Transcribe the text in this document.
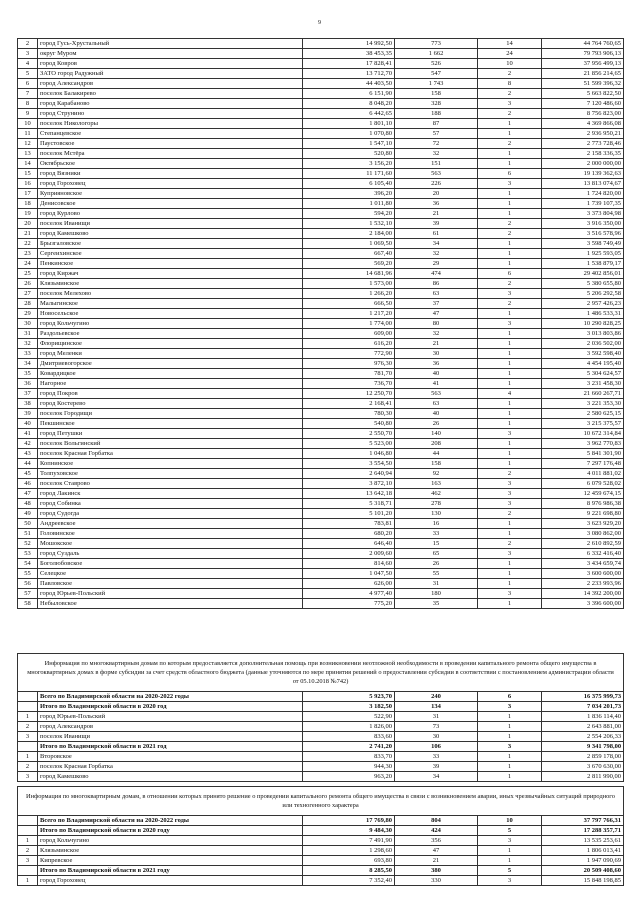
9
2	город Гусь-Хрустальный	14 992,50	773	14	44 764 760,65
3	округ Муром	38 453,35	1 662	24	79 793 906,13
4	город Ковров	17 828,41	526	10	37 956 499,13
5	ЗАТО город Радужный	13 712,70	547	2	21 856 214,65
6	город Александров	44 403,50	1 743	8	51 599 396,32
7	поселок Балакирево	6 151,90	158	2	5 663 822,50
8	город Карабаново	8 048,20	328	3	7 120 486,60
9	город Струнино	6 442,65	188	2	8 756 823,00
10	поселок Никологоры	1 801,10	87	1	4 369 866,08
11	Степанцевское	1 070,80	57	1	2 936 950,21
12	Паустовское	1 547,10	72	2	2 773 728,46
13	поселок Мстёра	520,80	32	1	2 158 336,35
14	Октябрьское	3 156,20	151	1	2 000 000,00
15	город Вязники	11 171,60	563	6	19 139 362,63
16	город Гороховец	6 105,40	226	3	13 813 074,67
17	Куприяновское	396,20	20	1	1 724 820,00
18	Денисовское	1 011,80	36	1	1 739 107,35
19	город Курлово	594,20	21	1	3 373 804,98
20	поселок Иванищи	1 532,10	39	2	3 916 350,00
21	город Камешково	2 184,00	61	2	3 516 578,96
22	Брызгаловское	1 069,50	34	1	3 598 749,49
23	Сергеихинское	667,40	32	1	1 925 593,05
24	Пенкинское	569,20	29	1	1 538 879,17
25	город Киржач	14 681,96	474	6	29 402 856,01
26	Клязьминское	1 573,00	86	2	5 380 655,80
27	поселок Мелехово	1 266,20	63	3	5 206 292,58
28	Малыгинское	666,50	37	2	2 957 426,23
29	Новосельское	1 217,20	47	1	1 486 533,31
30	город Кольчугино	1 774,00	80	3	10 290 828,25
31	Раздольевское	609,00	32	1	3 013 803,86
32	Флорищинское	616,20	21	1	2 036 502,00
33	город Меленки	772,90	30	1	3 592 598,40
34	Дмитриевогорское	976,30	36	1	4 454 195,40
35	Ковардицкое	781,70	40	1	5 304 624,57
36	Нагорное	736,70	41	1	3 231 458,30
37	город Покров	12 250,70	563	4	21 660 267,71
38	город Костерево	2 168,41	63	1	3 221 353,30
39	поселок Городищи	780,30	40	1	2 580 625,15
40	Пекшинское	540,80	26	1	3 215 375,57
41	город Петушки	2 550,70	140	3	10 672 314,84
42	поселок Вольгинский	5 523,00	208	1	3 962 770,83
43	поселок Красная Горбатка	1 046,80	44	1	5 841 301,90
44	Копнинское	3 554,50	158	1	7 297 176,48
45	Толпуховское	2 640,94	92	2	4 011 881,02
46	поселок Ставрово	3 872,10	163	3	6 079 528,02
47	город Лакинск	13 642,18	462	3	12 459 674,15
48	город Собинка	5 318,71	278	3	8 976 986,38
49	город Судогда	5 101,20	130	2	9 221 698,80
50	Андреевское	783,81	16	1	3 623 929,20
51	Головинское	680,20	33	1	3 080 862,00
52	Мошокское	646,40	15	2	2 610 892,59
53	город Суздаль	2 009,60	65	3	6 332 416,40
54	Боголюбовское	814,60	26	1	3 434 659,74
55	Селецкое	1 047,50	55	1	3 600 600,00
56	Павловское	626,00	31	1	2 233 993,96
57	город Юрьев-Польский	4 977,40	180	3	14 392 200,00
58	Небыловское	775,20	35	1	3 396 600,00
Информация по многоквартирным домам по которым предоставляется дополнительная помощь при возникновении неотложной необходимости в проведении капитального ремонта общего имущества в многоквартирных домах в форме субсидии за счет средств областного бюджета (данные уточняются по мере принятия решений о предоставлении субсидии в соответствии с постановлением администрации области от 05.10.2018 №742)					
	Всего по Владимирской области на 2020-2022 годы	5 923,70	240	6	16 375 999,73
	Итого по Владимирской области в 2020 год	3 182,50	134	3	7 034 201,73
1	город Юрьев-Польский	522,90	31	1	1 836 114,40
2	город Александров	1 826,00	73	1	2 643 881,00
3	поселок Иванищи	833,60	30	1	2 554 206,33
	Итого по Владимирской области в 2021 год	2 741,20	106	3	9 341 798,00
1	Второвское	833,70	33	1	2 859 178,00
2	поселок Красная Горбатка	944,30	39	1	3 670 630,00
3	город Камешково	963,20	34	1	2 811 990,00
Информация по многоквартирным домам, в отношении которых принято решение о проведении капитального ремонта общего имущества в связи с возникновением аварии, иных чрезвычайных ситуаций природного или техногенного характера					
	Всего по Владимирской области на 2020-2022 годы	17 769,80	804	10	37 797 766,31
	Итого по Владимирской области в 2020 году	9 484,30	424	5	17 288 357,71
1	город Кольчугино	7 491,90	356	3	13 535 253,61
2	Клязьминское	1 298,60	47	1	1 806 013,41
3	Кипревское	693,80	21	1	1 947 090,69
	Итого по Владимирской области в 2021 году	8 285,50	380	5	20 509 408,60
1	город Гороховец	7 352,40	330	3	15 848 198,85
